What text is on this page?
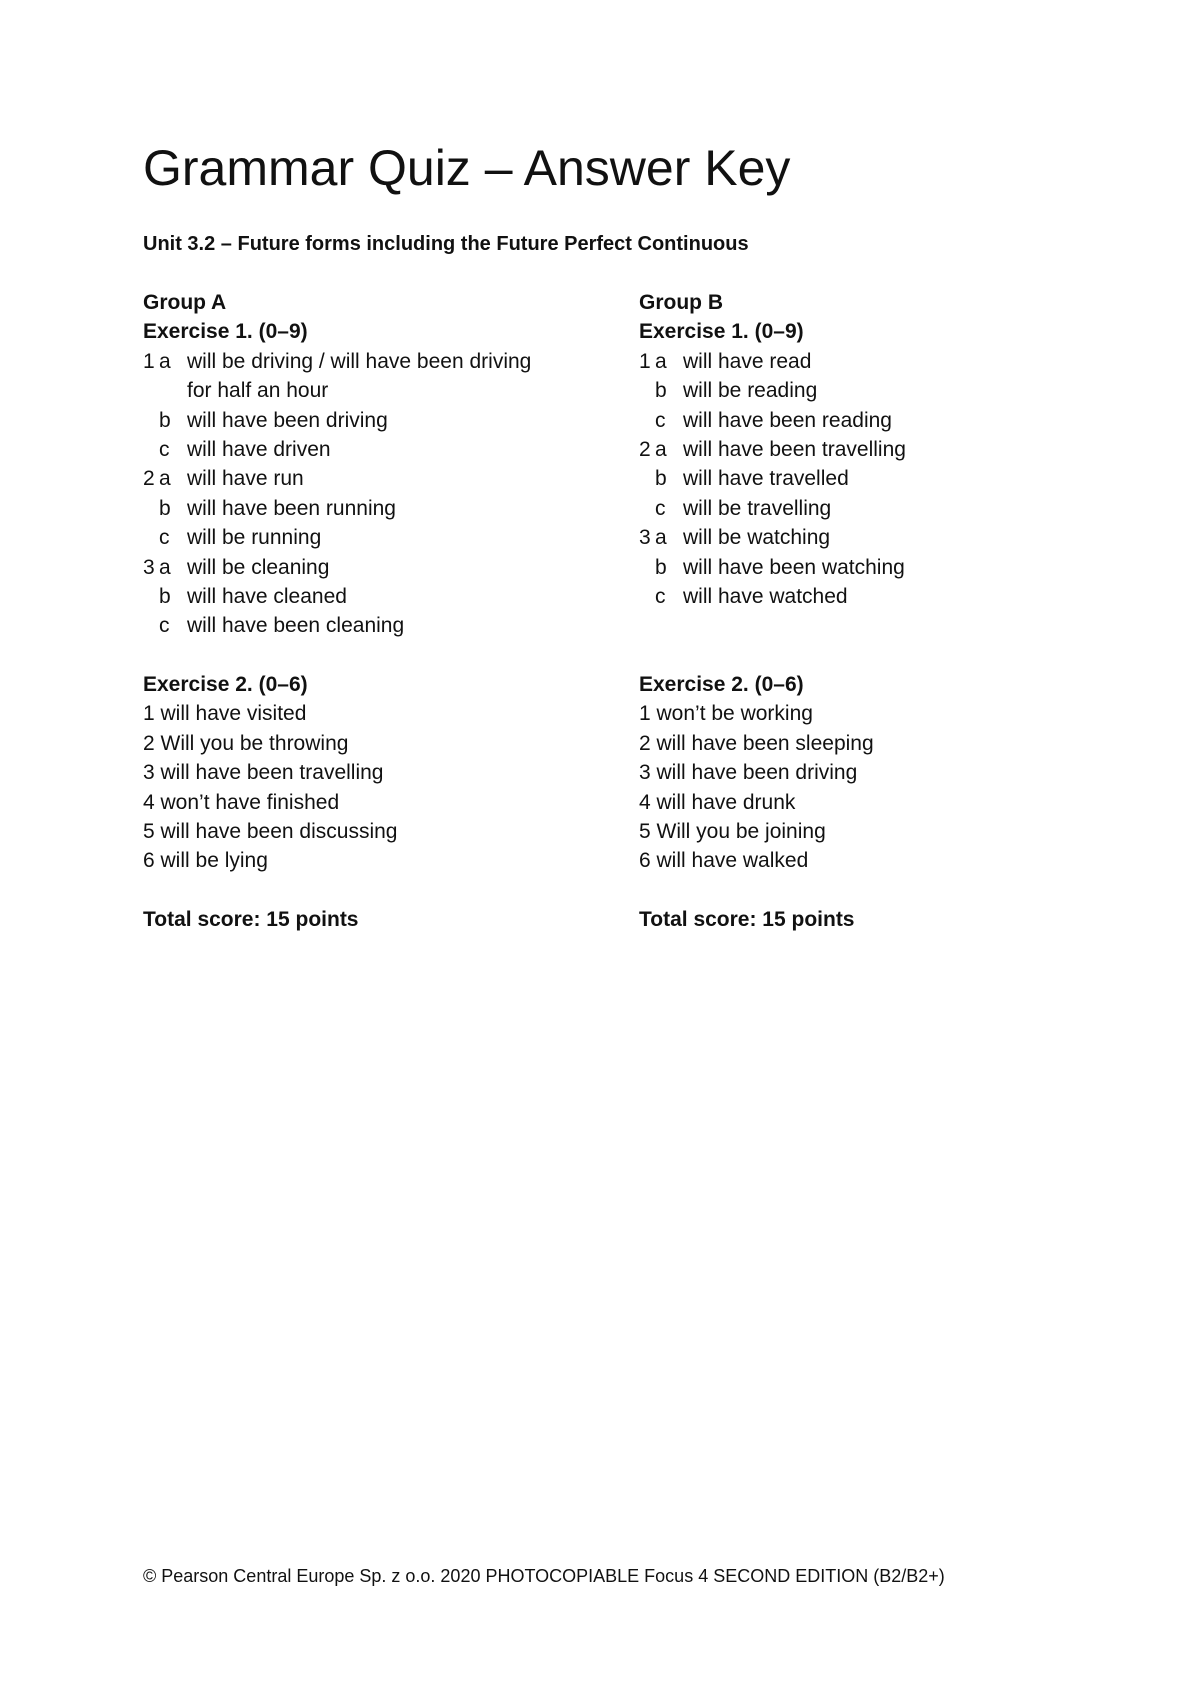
Grammar Quiz – Answer Key
Unit 3.2 – Future forms including the Future Perfect Continuous
Group A
Exercise 1. (0–9)
1 a will be driving / will have been driving
for half an hour
b will have been driving
c will have driven
2 a will have run
b will have been running
c will be running
3 a will be cleaning
b will have cleaned
c will have been cleaning
Exercise 2. (0–6)
1 will have visited
2 Will you be throwing
3 will have been travelling
4 won’t have finished
5 will have been discussing
6 will be lying
Total score: 15 points
Group B
Exercise 1. (0–9)
1 a will have read
b will be reading
c will have been reading
2 a will have been travelling
b will have travelled
c will be travelling
3 a will be watching
b will have been watching
c will have watched
Exercise 2. (0–6)
1 won’t be working
2 will have been sleeping
3 will have been driving
4 will have drunk
5 Will you be joining
6 will have walked
Total score: 15 points
© Pearson Central Europe Sp. z o.o. 2020 PHOTOCOPIABLE Focus 4 SECOND EDITION (B2/B2+)
